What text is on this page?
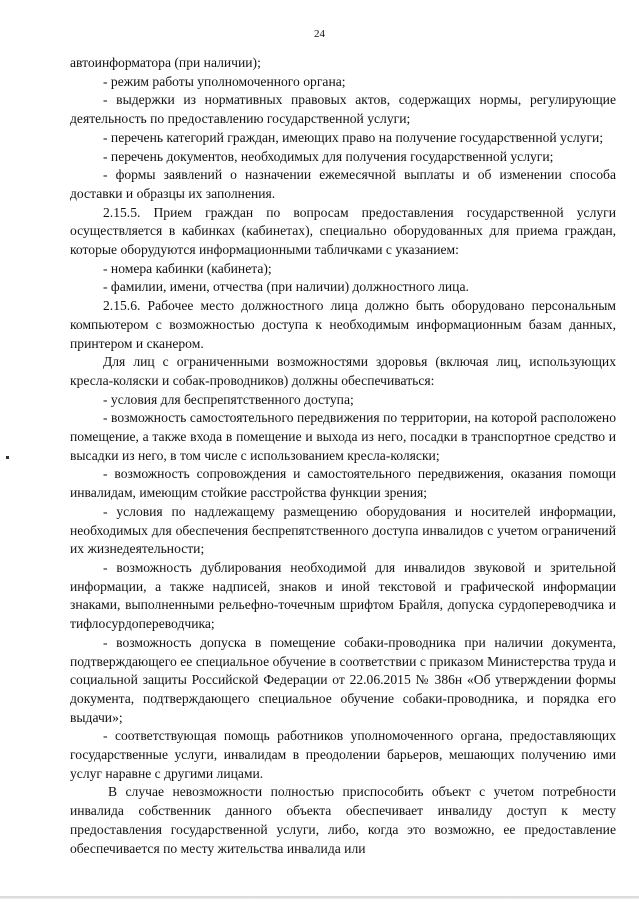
24

автоинформатора (при наличии);

- режим работы уполномоченного органа;

- выдержки из нормативных правовых актов, содержащих нормы, регулирующие деятельность по предоставлению государственной услуги;

- перечень категорий граждан, имеющих право на получение государственной услуги;

- перечень документов, необходимых для получения государственной услуги;

- формы заявлений о назначении ежемесячной выплаты и об изменении способа доставки и образцы их заполнения.

2.15.5. Прием граждан по вопросам предоставления государственной услуги осуществляется в кабинках (кабинетах), специально оборудованных для приема граждан, которые оборудуются информационными табличками с указанием:

- номера кабинки (кабинета);

- фамилии, имени, отчества (при наличии) должностного лица.

2.15.6. Рабочее место должностного лица должно быть оборудовано персональным компьютером с возможностью доступа к необходимым информационным базам данных, принтером и сканером.

Для лиц с ограниченными возможностями здоровья (включая лиц, использующих кресла-коляски и собак-проводников) должны обеспечиваться:

- условия для беспрепятственного доступа;

- возможность самостоятельного передвижения по территории, на которой расположено помещение, а также входа в помещение и выхода из него, посадки в транспортное средство и высадки из него, в том числе с использованием кресла-коляски;

- возможность сопровождения и самостоятельного передвижения, оказания помощи инвалидам, имеющим стойкие расстройства функции зрения;

- условия по надлежащему размещению оборудования и носителей информации, необходимых для обеспечения беспрепятственного доступа инвалидов с учетом ограничений их жизнедеятельности;

- возможность дублирования необходимой для инвалидов звуковой и зрительной информации, а также надписей, знаков и иной текстовой и графической информации знаками, выполненными рельефно-точечным шрифтом Брайля, допуска сурдопереводчика и тифлосурдопереводчика;

- возможность допуска в помещение собаки-проводника при наличии документа, подтверждающего ее специальное обучение в соответствии с приказом Министерства труда и социальной защиты Российской Федерации от 22.06.2015 № 386н «Об утверждении формы документа, подтверждающего специальное обучение собаки-проводника, и порядка его выдачи»;

- соответствующая помощь работников уполномоченного органа, предоставляющих государственные услуги, инвалидам в преодолении барьеров, мешающих получению ими услуг наравне с другими лицами.

В случае невозможности полностью приспособить объект с учетом потребности инвалида собственник данного объекта обеспечивает инвалиду доступ к месту предоставления государственной услуги, либо, когда это возможно, ее предоставление обеспечивается по месту жительства инвалида или
